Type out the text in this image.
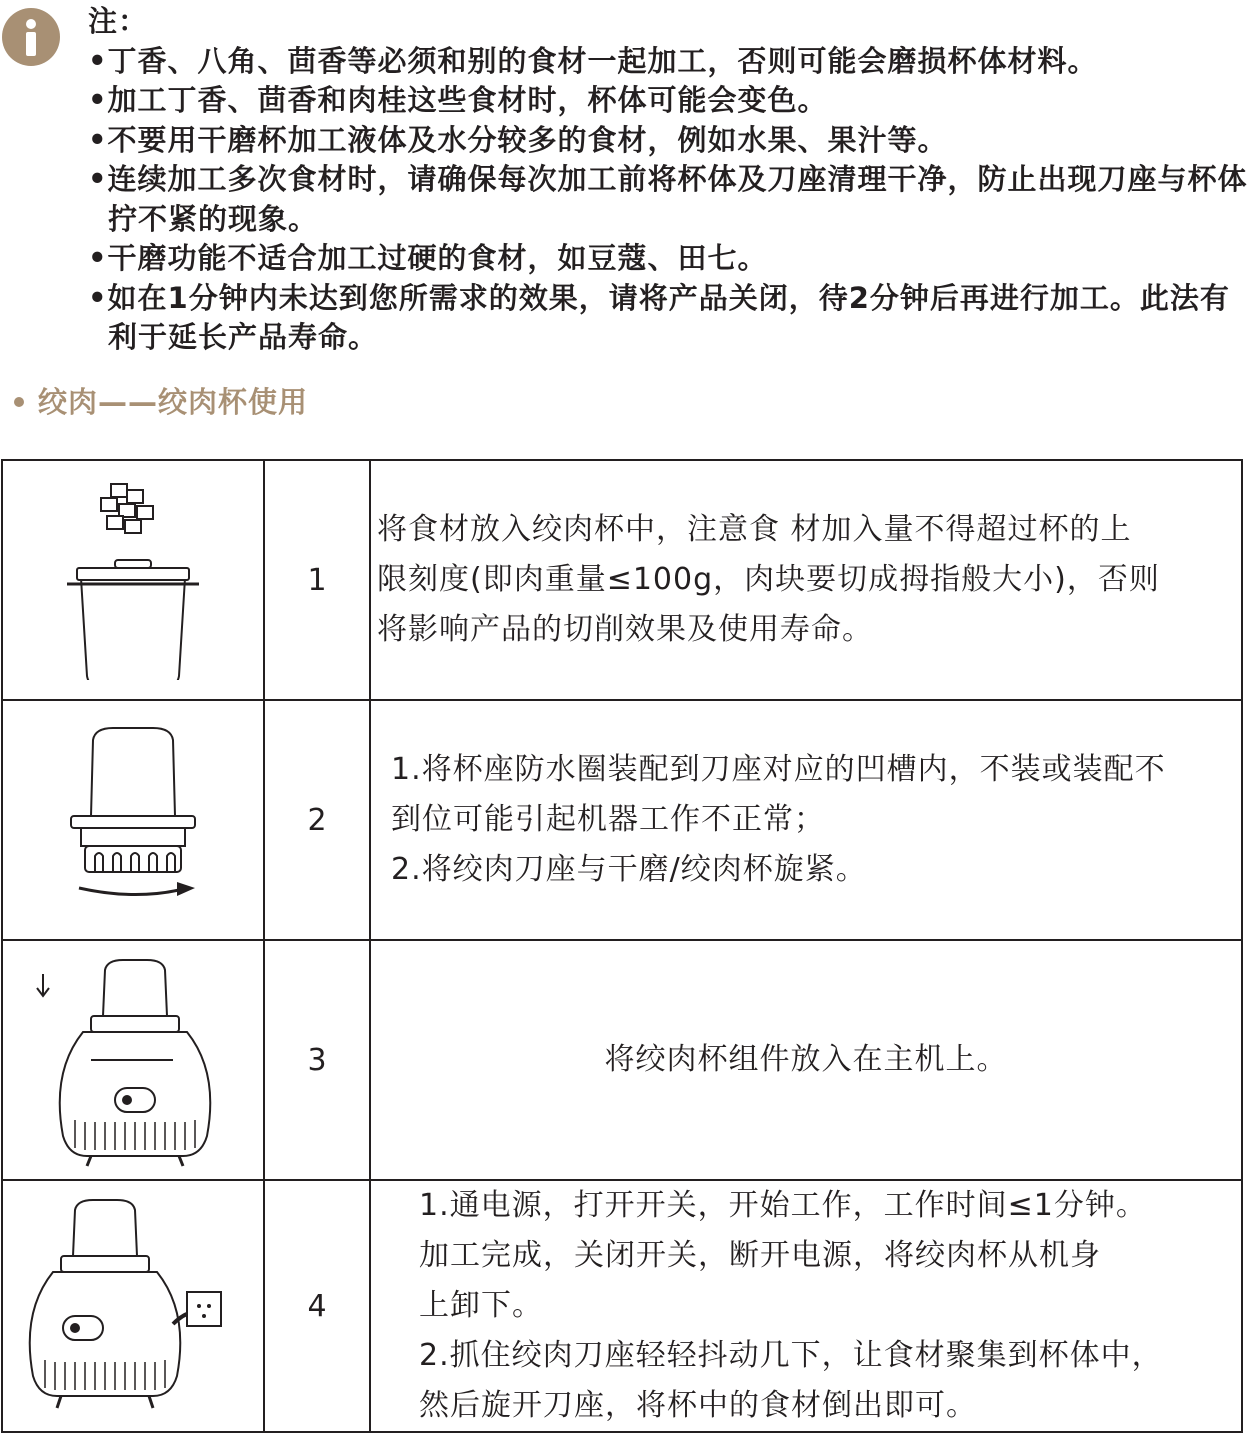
注：

•丁香、八角、茴香等必须和别的食材一起加工，否则可能会磨损杯体材料。

•加工丁香、茴香和肉桂这些食材时，杯体可能会变色。

•不要用干磨杯加工液体及水分较多的食材，例如水果、果汁等。

•连续加工多次食材时，请确保每次加工前将杯体及刀座清理干净，防止出现刀座与杯体拧不紧的现象。

•干磨功能不适合加工过硬的食材，如豆蔻、田七。

•如在1分钟内未达到您所需求的效果，请将产品关闭，待2分钟后再进行加工。此法有利于延长产品寿命。

绞肉——绞肉杯使用
	1	将食材放入绞肉杯中，注意食 材加入量不得超过杯的上
限刻度(即肉重量≤100g，肉块要切成拇指般大小)，否则
将影响产品的切削效果及使用寿命。

	2	1.将杯座防水圈装配到刀座对应的凹槽内，不装或装配不
到位可能引起机器工作不正常；
2.将绞肉刀座与干磨/绞肉杯旋紧。

	3	将绞肉杯组件放入在主机上。

	4	1.通电源，打开开关，开始工作，工作时间≤1分钟。
加工完成，关闭开关，断开电源，将绞肉杯从机身
上卸下。
2.抓住绞肉刀座轻轻抖动几下，让食材聚集到杯体中，
然后旋开刀座，将杯中的食材倒出即可。
